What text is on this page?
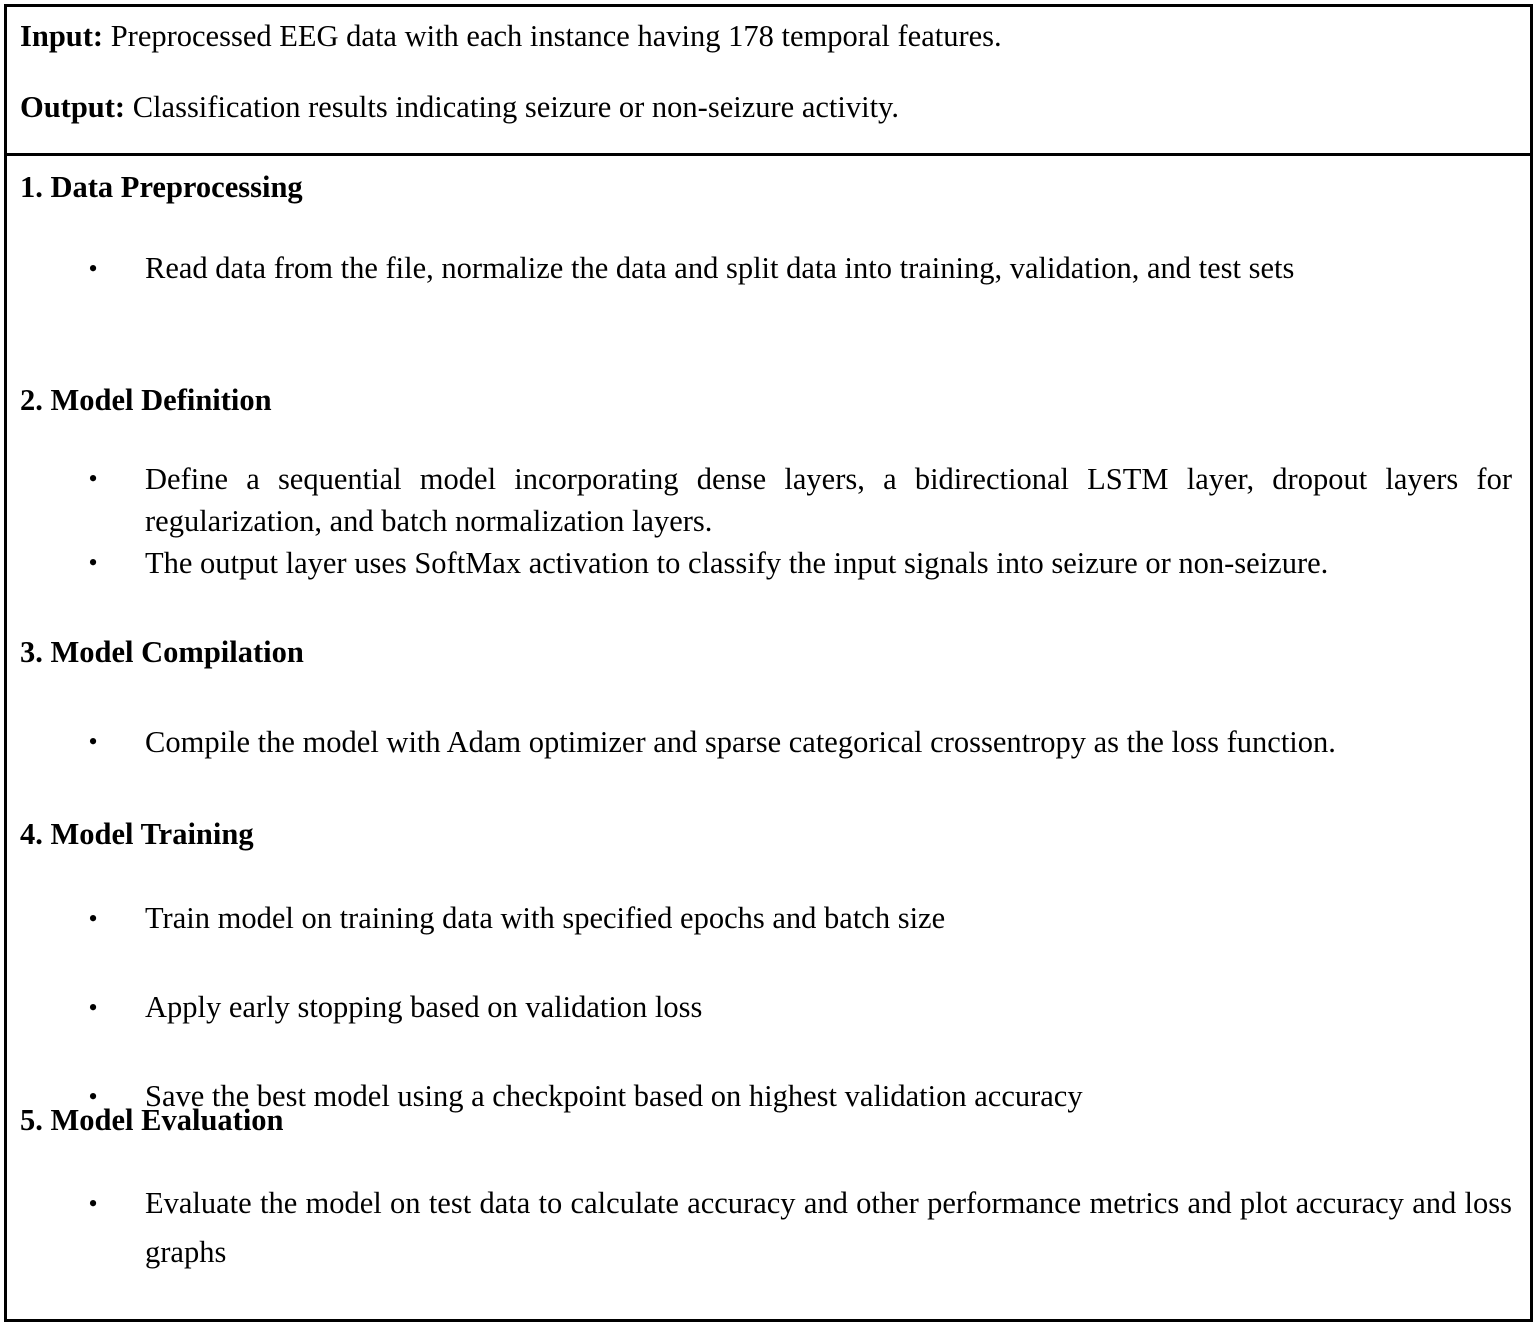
Input: Preprocessed EEG data with each instance having 178 temporal features.
Output: Classification results indicating seizure or non-seizure activity.
1. Data Preprocessing
• Read data from the file, normalize the data and split data into training, validation, and test sets
2. Model Definition
• Define a sequential model incorporating dense layers, a bidirectional LSTM layer, dropout layers for regularization, and batch normalization layers.
• The output layer uses SoftMax activation to classify the input signals into seizure or non-seizure.
3. Model Compilation
• Compile the model with Adam optimizer and sparse categorical crossentropy as the loss function.
4. Model Training
• Train model on training data with specified epochs and batch size
• Apply early stopping based on validation loss
• Save the best model using a checkpoint based on highest validation accuracy
5. Model Evaluation
• Evaluate the model on test data to calculate accuracy and other performance metrics and plot accuracy and loss graphs
